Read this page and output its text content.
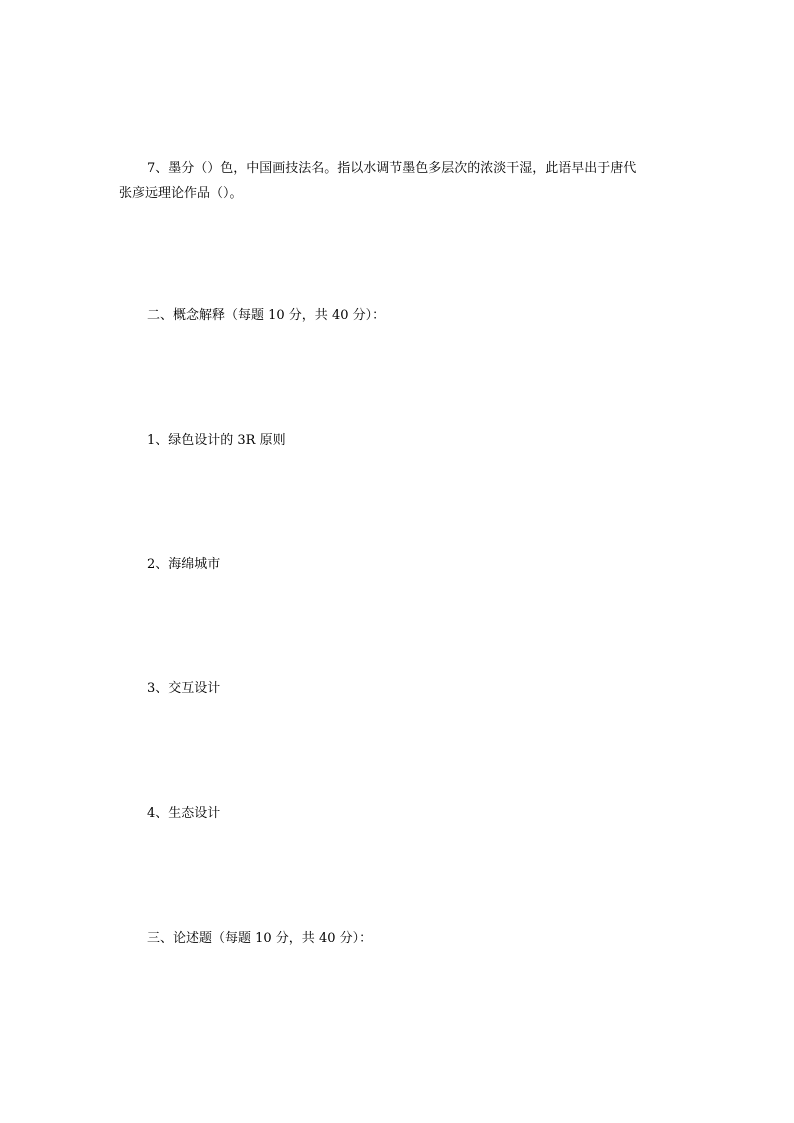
7、墨分（）色，中国画技法名。指以水调节墨色多层次的浓淡干湿，此语早出于唐代
张彦远理论作品（）。
二、概念解释（每题 10 分，共 40 分）：
1、绿色设计的 3R 原则
2、海绵城市
3、交互设计
4、生态设计
三、论述题（每题 10 分，共 40 分）：
